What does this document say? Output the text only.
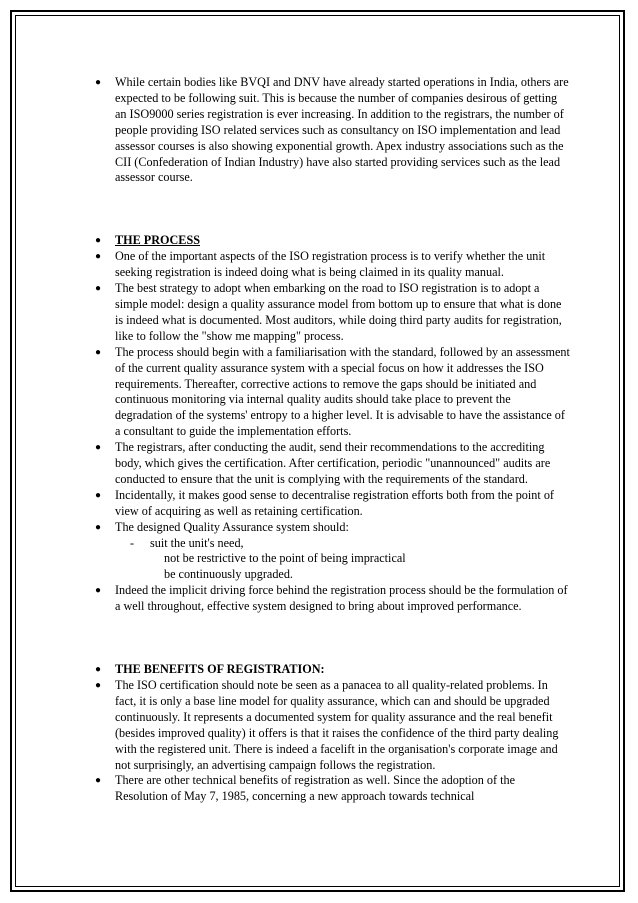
● While certain bodies like BVQI and DNV have already started operations in India, others are expected to be following suit. This is because the number of companies desirous of getting an ISO9000 series registration is ever increasing. In addition to the registrars, the number of people providing ISO related services such as consultancy on ISO implementation and lead assessor courses is also showing exponential growth. Apex industry associations such as the CII (Confederation of Indian Industry) have also started providing services such as the lead assessor course.

● THE PROCESS

● One of the important aspects of the ISO registration process is to verify whether the unit seeking registration is indeed doing what is being claimed in its quality manual.

● The best strategy to adopt when embarking on the road to ISO registration is to adopt a simple model: design a quality assurance model from bottom up to ensure that what is done is indeed what is documented. Most auditors, while doing third party audits for registration, like to follow the "show me mapping" process.

● The process should begin with a familiarisation with the standard, followed by an assessment of the current quality assurance system with a special focus on how it addresses the ISO requirements. Thereafter, corrective actions to remove the gaps should be initiated and continuous monitoring via internal quality audits should take place to prevent the degradation of the systems' entropy to a higher level. It is advisable to have the assistance of a consultant to guide the implementation efforts.

● The registrars, after conducting the audit, send their recommendations to the accrediting body, which gives the certification. After certification, periodic "unannounced" audits are conducted to ensure that the unit is complying with the requirements of the standard.

● Incidentally, it makes good sense to decentralise registration efforts both from the point of view of acquiring as well as retaining certification.

● The designed Quality Assurance system should:

- suit the unit's need,
not be restrictive to the point of being impractical
be continuously upgraded.
● Indeed the implicit driving force behind the registration process should be the formulation of a well throughout, effective system designed to bring about improved performance.

● THE BENEFITS OF REGISTRATION:

● The ISO certification should note be seen as a panacea to all quality-related problems. In fact, it is only a base line model for quality assurance, which can and should be upgraded continuously. It represents a documented system for quality assurance and the real benefit (besides improved quality) it offers is that it raises the confidence of the third party dealing with the registered unit. There is indeed a facelift in the organisation's corporate image and not surprisingly, an advertising campaign follows the registration.

● There are other technical benefits of registration as well. Since the adoption of the Resolution of May 7, 1985, concerning a new approach towards technical
